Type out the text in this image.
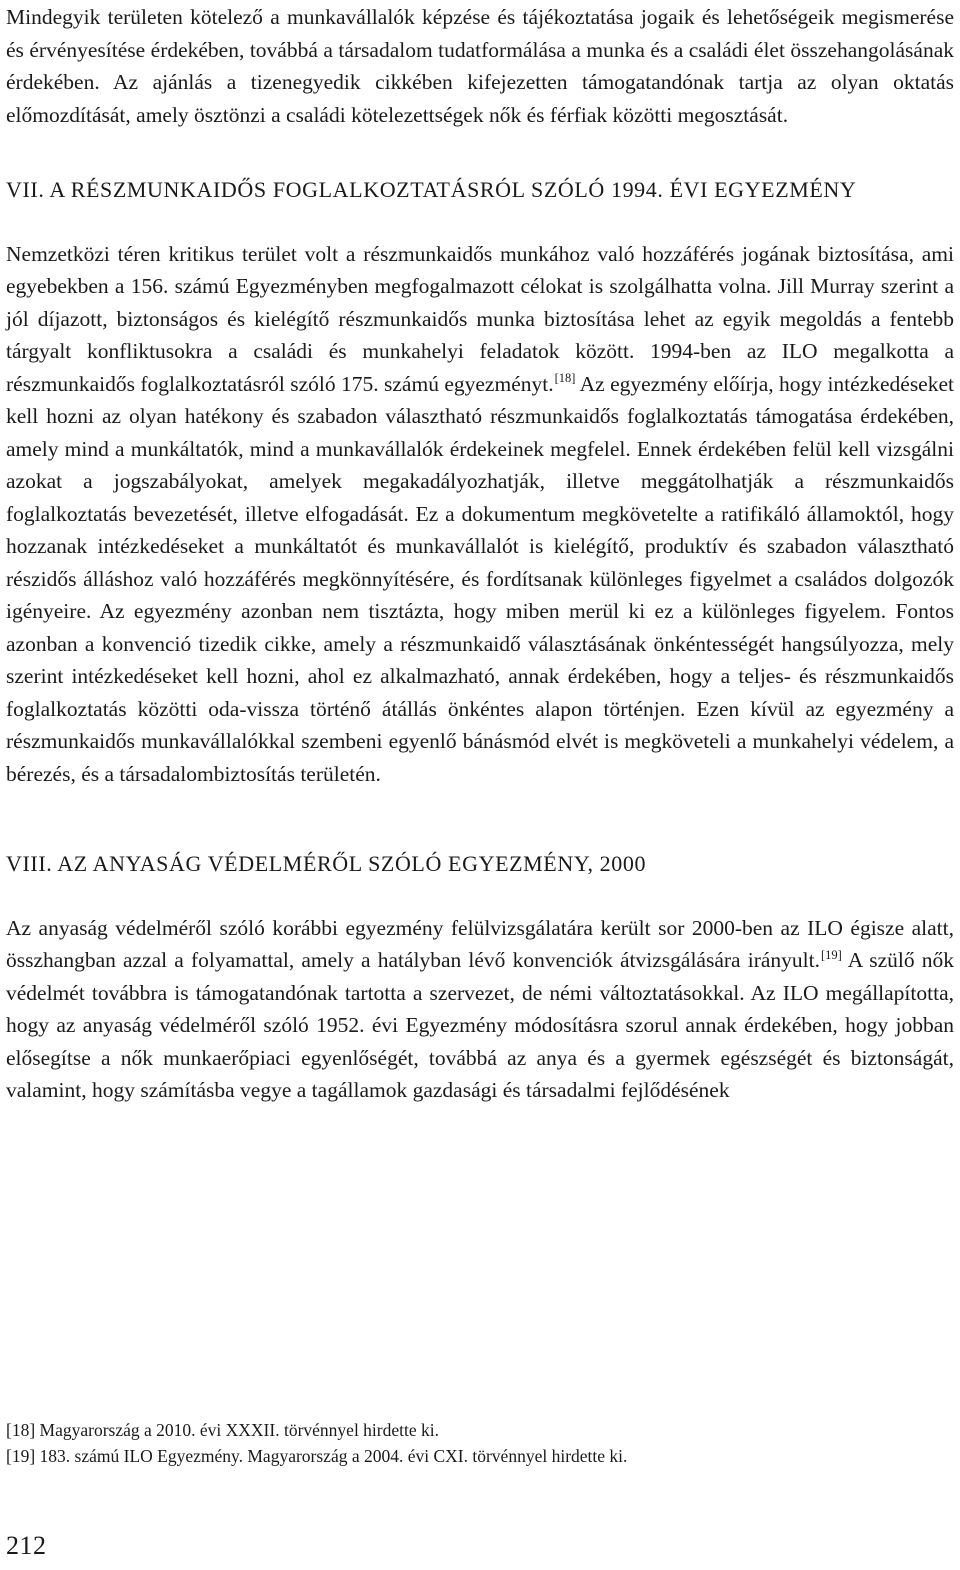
Mindegyik területen kötelező a munkavállalók képzése és tájékoztatása jogaik és lehetőségeik megismerése és érvényesítése érdekében, továbbá a társadalom tudatformálása a munka és a családi élet összehangolásának érdekében. Az ajánlás a tizenegyedik cikkében kifejezetten támogatandónak tartja az olyan oktatás előmozdítását, amely ösztönzi a családi kötelezettségek nők és férfiak közötti megosztását.

VII. A RÉSZMUNKAIDŐS FOGLALKOZTATÁSRÓL SZÓLÓ 1994. ÉVI EGYEZMÉNY

Nemzetközi téren kritikus terület volt a részmunkaidős munkához való hozzáférés jogának biztosítása, ami egyebekben a 156. számú Egyezményben megfogalmazott célokat is szolgálhatta volna. Jill Murray szerint a jól díjazott, biztonságos és kielégítő részmunkaidős munka biztosítása lehet az egyik megoldás a fentebb tárgyalt konfliktusokra a családi és munkahelyi feladatok között. 1994-ben az ILO megalkotta a részmunkaidős foglalkoztatásról szóló 175. számú egyezményt.[18] Az egyezmény előírja, hogy intézkedéseket kell hozni az olyan hatékony és szabadon választható részmunkaidős foglalkoztatás támogatása érdekében, amely mind a munkáltatók, mind a munkavállalók érdekeinek megfelel. Ennek érdekében felül kell vizsgálni azokat a jogszabályokat, amelyek megakadályozhatják, illetve meggátolhatják a részmunkaidős foglalkoztatás bevezetését, illetve elfogadását. Ez a dokumentum megkövetelte a ratifikáló államoktól, hogy hozzanak intézkedéseket a munkáltatót és munkavállalót is kielégítő, produktív és szabadon választható részidős álláshoz való hozzáférés megkönnyítésére, és fordítsanak különleges figyelmet a családos dolgozók igényeire. Az egyezmény azonban nem tisztázta, hogy miben merül ki ez a különleges figyelem. Fontos azonban a konvenció tizedik cikke, amely a részmunkaidő választásának önkéntességét hangsúlyozza, mely szerint intézkedéseket kell hozni, ahol ez alkalmazható, annak érdekében, hogy a teljes- és részmunkaidős foglalkoztatás közötti oda-vissza történő átállás önkéntes alapon történjen. Ezen kívül az egyezmény a részmunkaidős munkavállalókkal szembeni egyenlő bánásmód elvét is megköveteli a munkahelyi védelem, a bérezés, és a társadalombiztosítás területén.

VIII. AZ ANYASÁG VÉDELMÉRŐL SZÓLÓ EGYEZMÉNY, 2000

Az anyaság védelméről szóló korábbi egyezmény felülvizsgálatára került sor 2000-ben az ILO égisze alatt, összhangban azzal a folyamattal, amely a hatályban lévő konvenciók átvizsgálására irányult.[19] A szülő nők védelmét továbbra is támogatandónak tartotta a szervezet, de némi változtatásokkal. Az ILO megállapította, hogy az anyaság védelméről szóló 1952. évi Egyezmény módosításra szorul annak érdekében, hogy jobban elősegítse a nők munkaerőpiaci egyenlőségét, továbbá az anya és a gyermek egészségét és biztonságát, valamint, hogy számításba vegye a tagállamok gazdasági és társadalmi fejlődésének

[18] Magyarország a 2010. évi XXXII. törvénnyel hirdette ki.

[19] 183. számú ILO Egyezmény. Magyarország a 2004. évi CXI. törvénnyel hirdette ki.

212
